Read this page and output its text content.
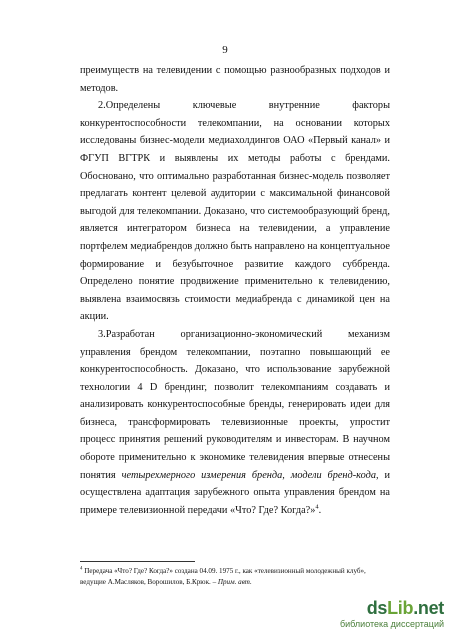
9

преимуществ на телевидении с помощью разнообразных подходов и методов.

2.Определены ключевые внутренние факторы конкурентоспособности телекомпании, на основании которых исследованы бизнес-модели медиахолдингов ОАО «Первый канал» и ФГУП ВГТРК и выявлены их методы работы с брендами. Обосновано, что оптимально разработанная бизнес-модель позволяет предлагать контент целевой аудитории с максимальной финансовой выгодой для телекомпании. Доказано, что системообразующий бренд, является интегратором бизнеса на телевидении, а управление портфелем медиабрендов должно быть направлено на концептуальное формирование и безубыточное развитие каждого суббренда. Определено понятие продвижение применительно к телевидению, выявлена взаимосвязь стоимости медиабренда с динамикой цен на акции.

3.Разработан организационно-экономический механизм управления брендом телекомпании, поэтапно повышающий ее конкурентоспособность. Доказано, что использование зарубежной технологии 4 D брендинг, позволит телекомпаниям создавать и анализировать конкурентоспособные бренды, генерировать идеи для бизнеса, трансформировать телевизионные проекты, упростит процесс принятия решений руководителям и инвесторам. В научном обороте применительно к экономике телевидения впервые отнесены понятия четырехмерного измерения бренда, модели бренд-кода, и осуществлена адаптация зарубежного опыта управления брендом на примере телевизионной передачи «Что? Где? Когда?»$^4$.

$^4$ Передача «Что? Где? Когда?» создана 04.09. 1975 г., как «телевизионный молодежный клуб», ведущие А.Масляков, Ворошилов, Б.Крюк. – Прим. авт.
dsLib.net
библиотека диссертаций
